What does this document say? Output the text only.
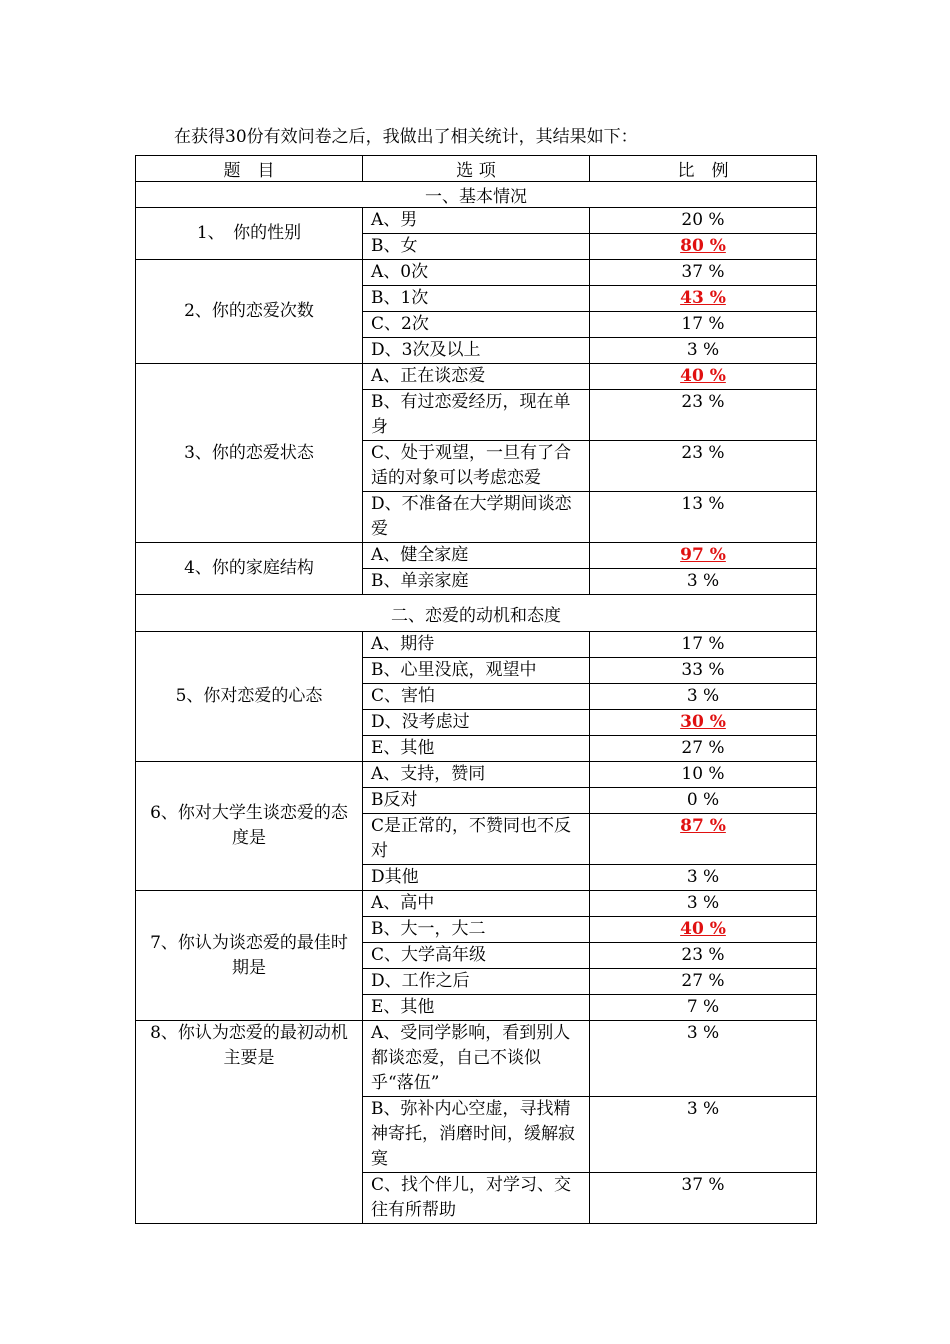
在获得30份有效问卷之后，我做出了相关统计，其结果如下：
题　目	选 项	比　例
一、基本情况		
1、　你的性别	A、男	20 %
	B、女	80 %
2、你的恋爱次数	A、0次	37 %
	B、1次	43 %
	C、2次	17 %
	D、3次及以上	3 %
3、你的恋爱状态	A、正在谈恋爱	40 %
	B、有过恋爱经历，现在单身	23 %
	C、处于观望，一旦有了合适的对象可以考虑恋爱	23 %
	D、不准备在大学期间谈恋爱	13 %
4、你的家庭结构	A、健全家庭	97 %
	B、单亲家庭	3 %
二、恋爱的动机和态度		
5、你对恋爱的心态	A、期待	17 %
	B、心里没底，观望中	33 %
	C、害怕	3 %
	D、没考虑过	30 %
	E、其他	27 %
6、你对大学生谈恋爱的态度是	A、支持，赞同	10 %
	B反对	0 %
	C是正常的，不赞同也不反对	87 %
	D其他	3 %
7、你认为谈恋爱的最佳时期是	A、高中	3 %
	B、大一，大二	40 %
	C、大学高年级	23 %
	D、工作之后	27 %
	E、其他	7 %
8、你认为恋爱的最初动机主要是	A、受同学影响，看到别人都谈恋爱，自己不谈似乎“落伍”	3 %
	B、弥补内心空虚，寻找精神寄托，消磨时间，缓解寂寞	3 %
	C、找个伴儿，对学习、交往有所帮助	37 %
